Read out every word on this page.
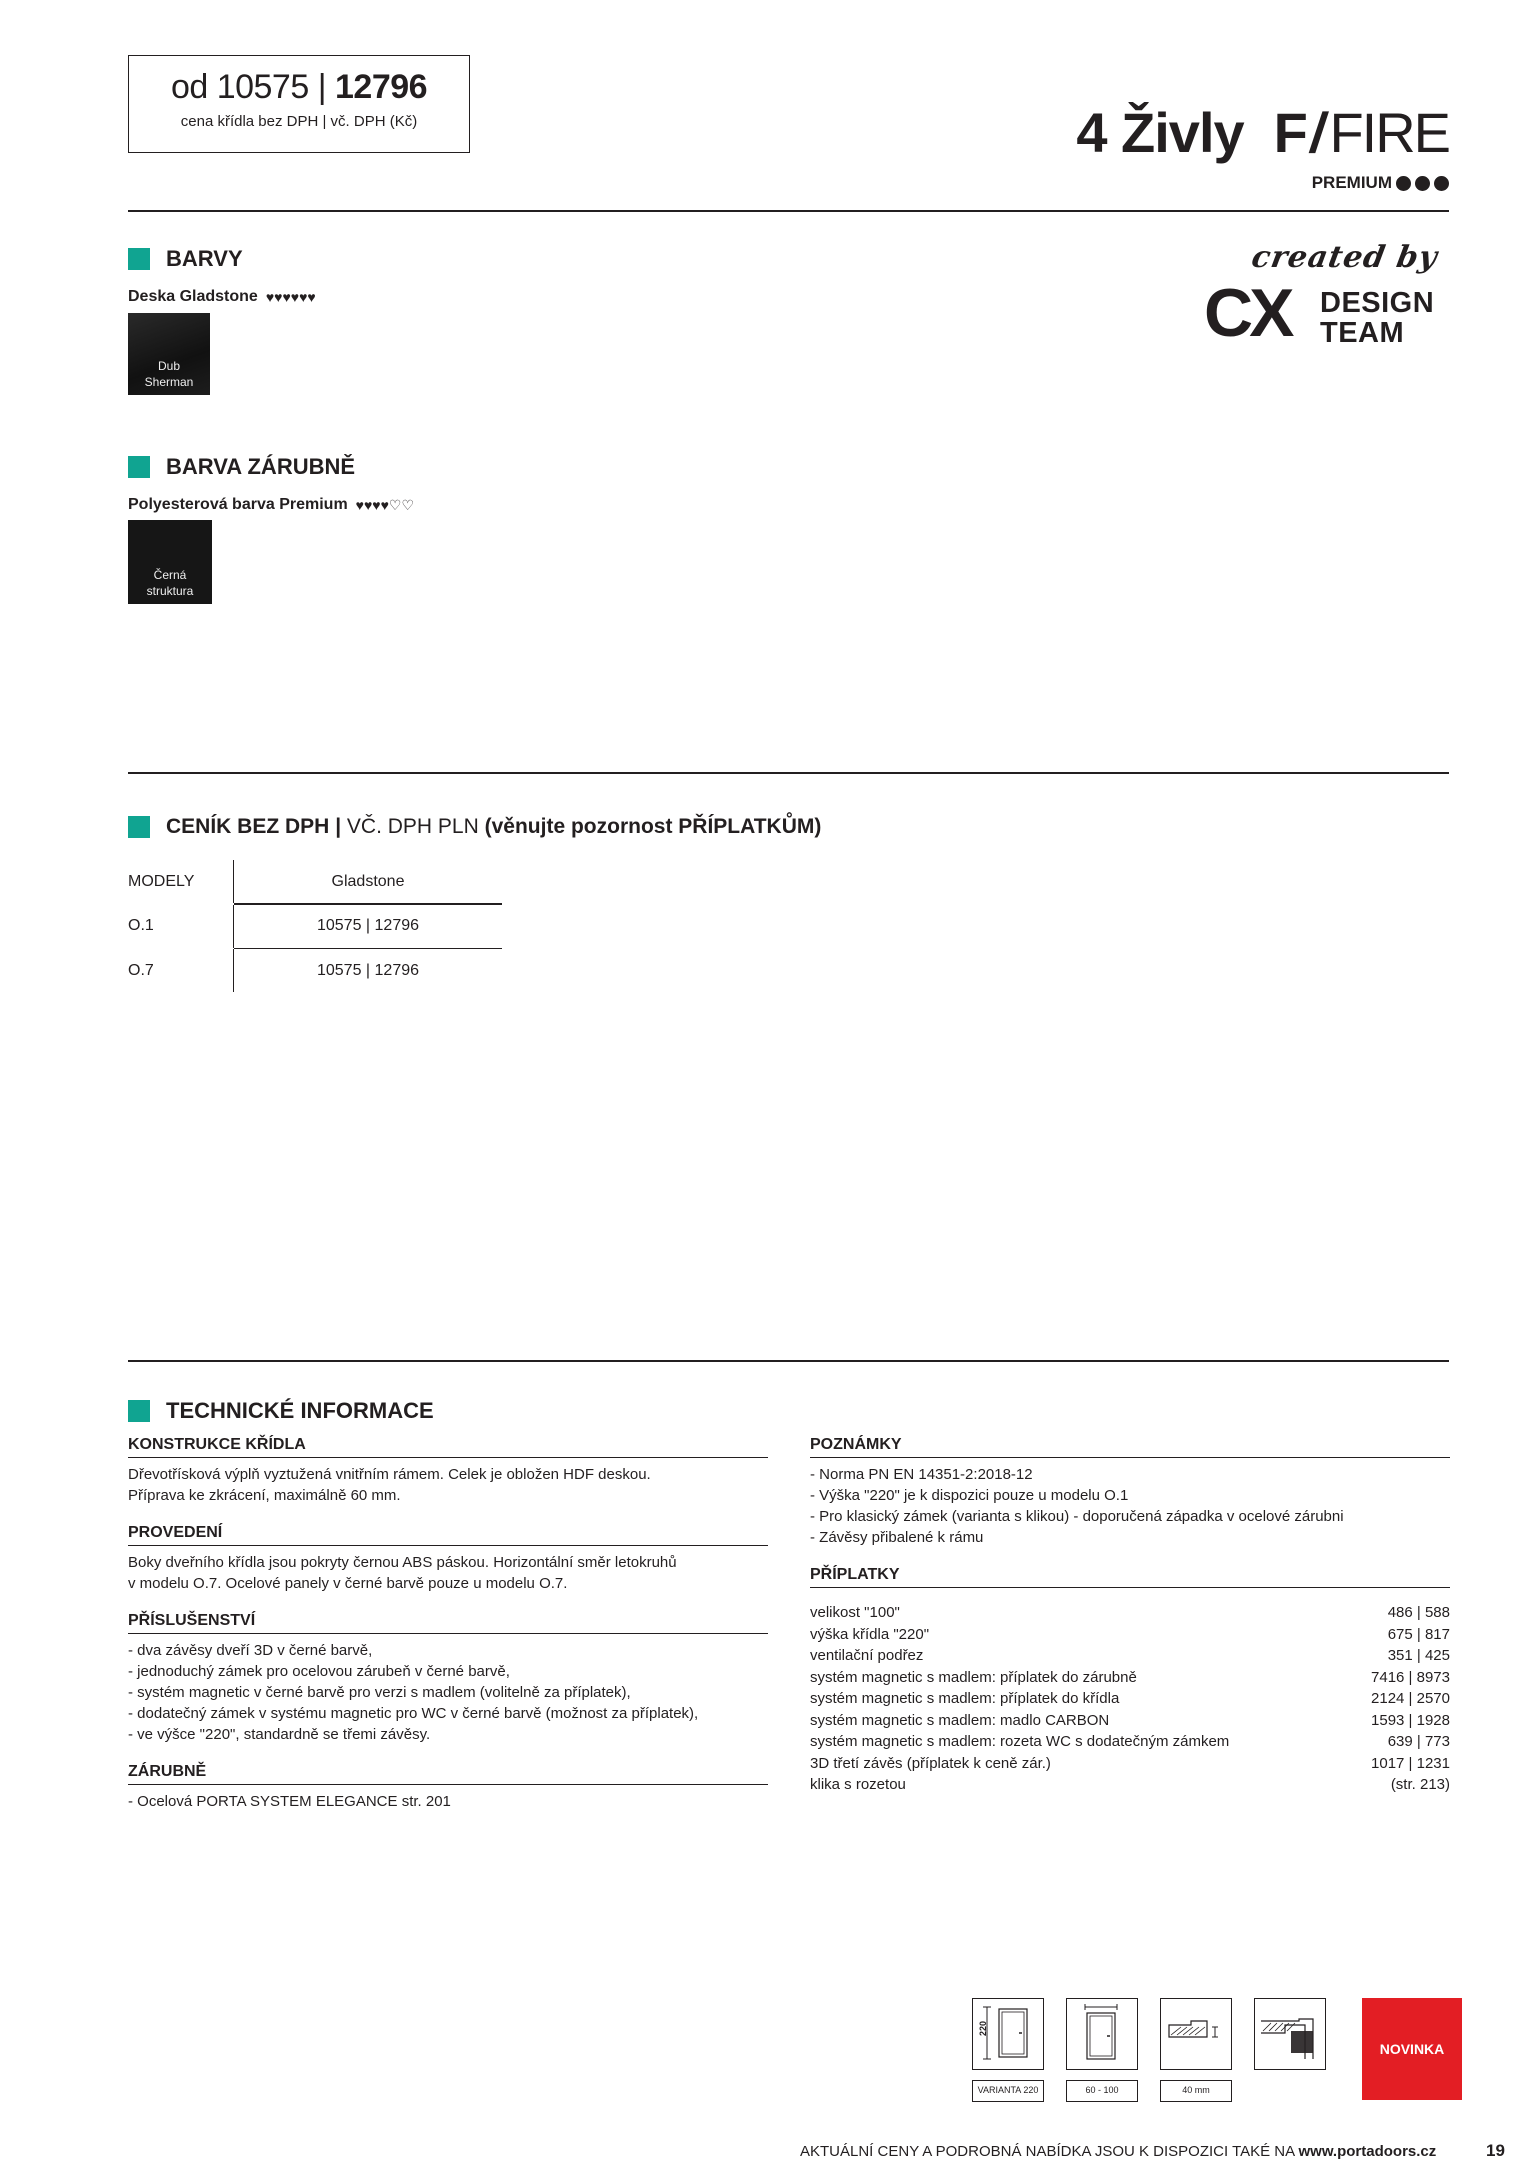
od 10575 | 12796
cena křídla bez DPH | vč. DPH (Kč)	4 Živly F / FIRE
PREMIUM
created by
CX DESIGN
TEAM
BARVY
Deska Gladstone ♥♥♥♥♥♥
Dub
Sherman
BARVA ZÁRUBNĚ
Polyesterová barva Premium ♥♥♥♥♡♡
Černá
struktura
CENÍK BEZ DPH | VČ. DPH PLN (věnujte pozornost PŘÍPLATKŮM)
MODELY	Gladstone
O.1	10575 | 12796
O.7	10575 | 12796
TECHNICKÉ INFORMACE
KONSTRUKCE KŘÍDLA
Dřevotřísková výplň vyztužená vnitřním rámem. Celek je obložen HDF deskou.
Příprava ke zkrácení, maximálně 60 mm.
PROVEDENÍ
Boky dveřního křídla jsou pokryty černou ABS páskou. Horizontální směr letokruhů
v modelu O.7. Ocelové panely v černé barvě pouze u modelu O.7.
PŘÍSLUŠENSTVÍ
- dva závěsy dveří 3D v černé barvě,
- jednoduchý zámek pro ocelovou zárubeň v černé barvě,
- systém magnetic v černé barvě pro verzi s madlem (volitelně za příplatek),
- dodatečný zámek v systému magnetic pro WC v černé barvě (možnost za příplatek),
- ve výšce "220", standardně se třemi závěsy.
ZÁRUBNĚ
- Ocelová PORTA SYSTEM ELEGANCE str. 201
POZNÁMKY
- Norma PN EN 14351-2:2018-12
- Výška "220" je k dispozici pouze u modelu O.1
- Pro klasický zámek (varianta s klikou) - doporučená západka v ocelové zárubni
- Závěsy přibalené k rámu
PŘÍPLATKY
velikost "100"	486 | 588
výška křídla "220"	675 | 817
ventilační podřez	351 | 425
systém magnetic s madlem: příplatek do zárubně	7416 | 8973
systém magnetic s madlem: příplatek do křídla	2124 | 2570
systém magnetic s madlem: madlo CARBON	1593 | 1928
systém magnetic s madlem: rozeta WC s dodatečným zámkem	639 | 773
3D třetí závěs (příplatek k ceně zár.)	1017 | 1231
klika s rozetou	(str. 213)
220
VARIANTA 220	60 - 100	40 mm
NOVINKA
AKTUÁLNÍ CENY A PODROBNÁ NABÍDKA JSOU K DISPOZICI TAKÉ NA www.portadoors.cz	19
